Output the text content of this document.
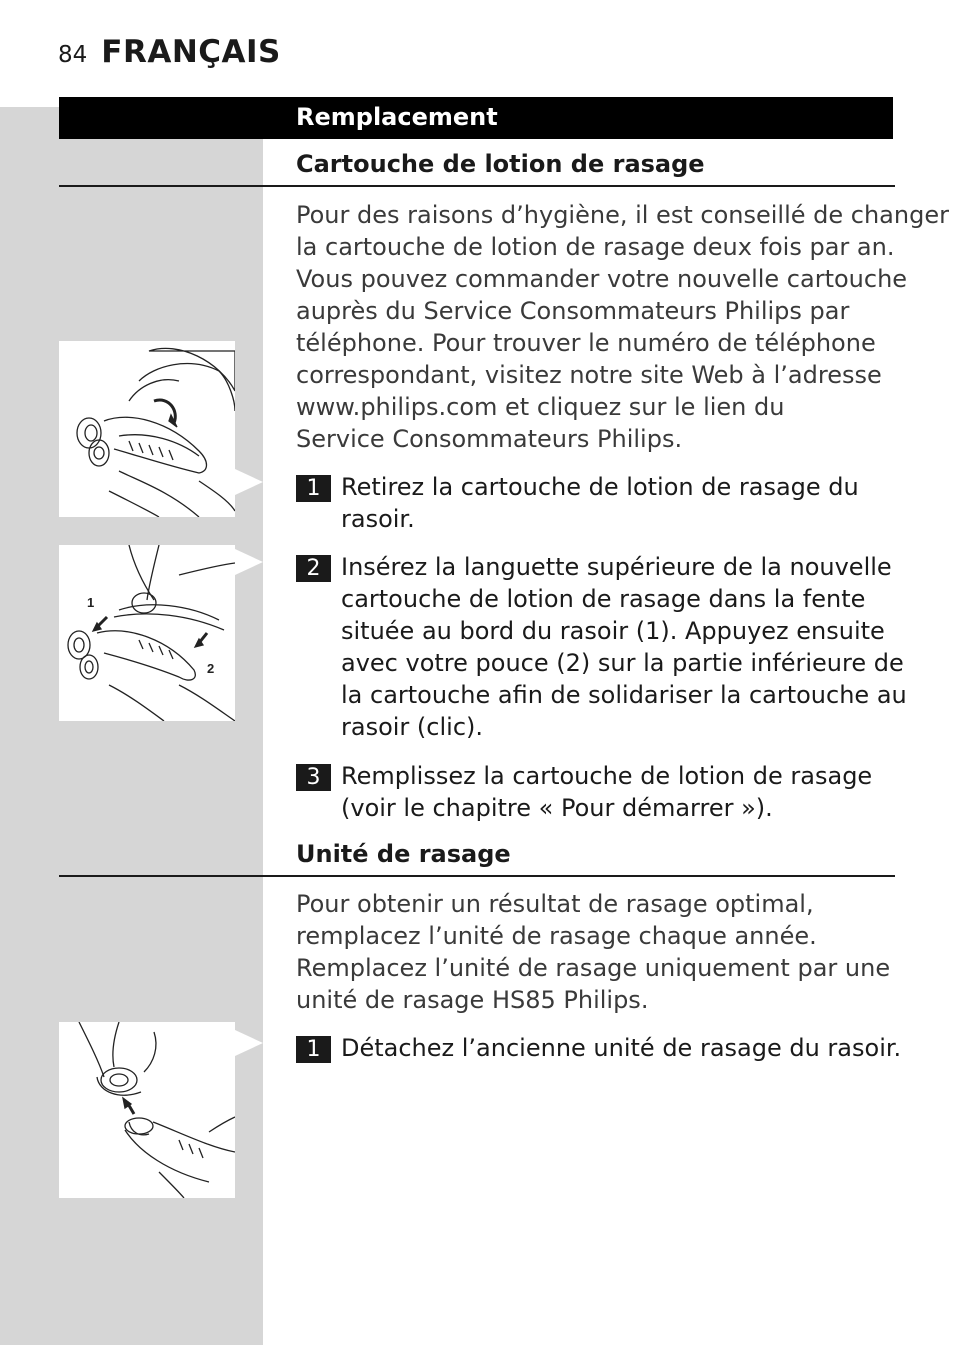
84 FRANÇAIS
Remplacement
Cartouche de lotion de rasage
Pour des raisons d’hygiène, il est conseillé de changer
la cartouche de lotion de rasage deux fois par an.
Vous pouvez commander votre nouvelle cartouche
auprès du Service Consommateurs Philips par
téléphone. Pour trouver le numéro de téléphone
correspondant, visitez notre site Web à l’adresse
www.philips.com et cliquez sur le lien du
Service Consommateurs Philips.
1 Retirez la cartouche de lotion de rasage du
rasoir.
2 Insérez la languette supérieure de la nouvelle
cartouche de lotion de rasage dans la fente
située au bord du rasoir (1). Appuyez ensuite
avec votre pouce (2) sur la partie inférieure de
la cartouche afin de solidariser la cartouche au
rasoir (clic).
3 Remplissez la cartouche de lotion de rasage
(voir le chapitre « Pour démarrer »).
Unité de rasage
Pour obtenir un résultat de rasage optimal,
remplacez l’unité de rasage chaque année.
Remplacez l’unité de rasage uniquement par une
unité de rasage HS85 Philips.
1 Détachez l’ancienne unité de rasage du rasoir.
1
2
